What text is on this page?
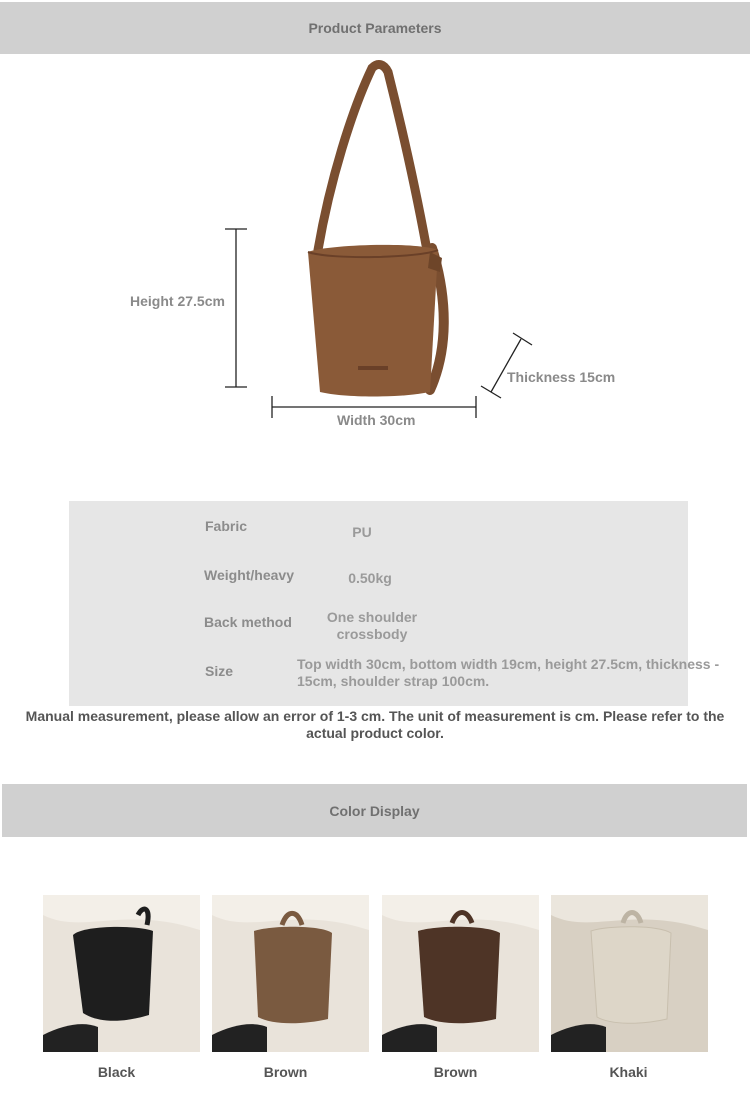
Product Parameters
Height 27.5cm
Thickness 15cm
Width 30cm
Fabric	PU
Weight/heavy	0.50kg
Back method	One shoulder crossbody
Size	Top width 30cm, bottom width 19cm, height 27.5cm, thickness - 15cm, shoulder strap 100cm.
Manual measurement, please allow an error of 1-3 cm. The unit of measurement is cm. Please refer to the actual product color.
Color Display
Black	Brown	Brown	Khaki
